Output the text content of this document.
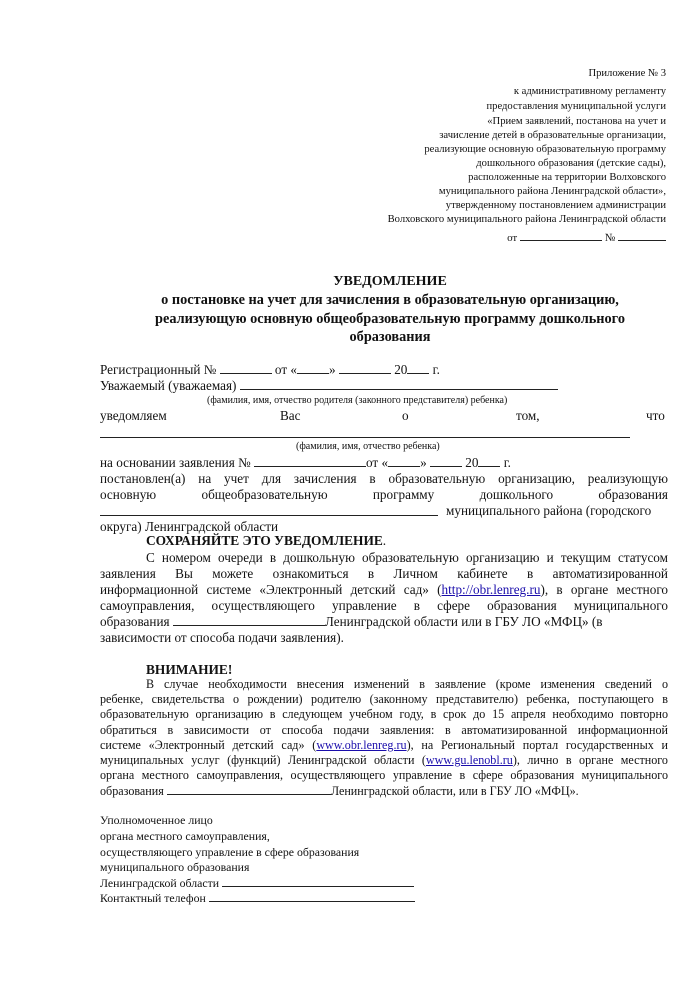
Приложение № 3
к административному регламенту
предоставления муниципальной услуги
«Прием заявлений, постанова на учет и
зачисление детей в образовательные организации,
реализующие основную образовательную программу
дошкольного образования (детские сады),
расположенные на территории Волховского
муниципального района Ленинградской области»,
утвержденному постановлением администрации
Волховского муниципального района Ленинградской области
от	№
УВЕДОМЛЕНИЕ
о постановке на учет для зачисления в образовательную организацию,
реализующую основную общеобразовательную программу дошкольного
образования
Регистрационный №	от « »	20 г.
Уважаемый (уважаемая)
(фамилия, имя, отчество родителя (законного представителя) ребенка)
уведомляем	Вас	о	том,	что
(фамилия, имя, отчество ребенка)
на основании заявления №	от « »	20 г.
постановлен(а) на учет для зачисления в образовательную организацию, реализующую
основную общеобразовательную программу дошкольного образования
муниципального района (городского
округа) Ленинградской области
СОХРАНЯЙТЕ ЭТО УВЕДОМЛЕНИЕ.
С номером очереди в дошкольную образовательную организацию и текущим статусом
заявления Вы можете ознакомиться в Личном кабинете в автоматизированной
информационной системе «Электронный детский сад» (http://obr.lenreg.ru), в органе местного
самоуправления, осуществляющего управление в сфере образования муниципального
образования	Ленинградской области или в ГБУ ЛО «МФЦ» (в
зависимости от способа подачи заявления).
ВНИМАНИЕ!
В случае необходимости внесения изменений в заявление (кроме изменения сведений о
ребенке, свидетельства о рождении) родителю (законному представителю) ребенка, поступающего в
образовательную организацию в следующем учебном году, в срок до 15 апреля необходимо повторно
обратиться в зависимости от способа подачи заявления: в автоматизированной информационной
системе «Электронный детский сад» (www.obr.lenreg.ru), на Региональный портал государственных и
муниципальных услуг (функций) Ленинградской области (www.gu.lenobl.ru), лично в органе местного
органа местного самоуправления, осуществляющего управление в сфере образования муниципального
образования	Ленинградской области, или в ГБУ ЛО «МФЦ».
Уполномоченное лицо
органа местного самоуправления,
осуществляющего управление в сфере образования
муниципального образования
Ленинградской области
Контактный телефон
